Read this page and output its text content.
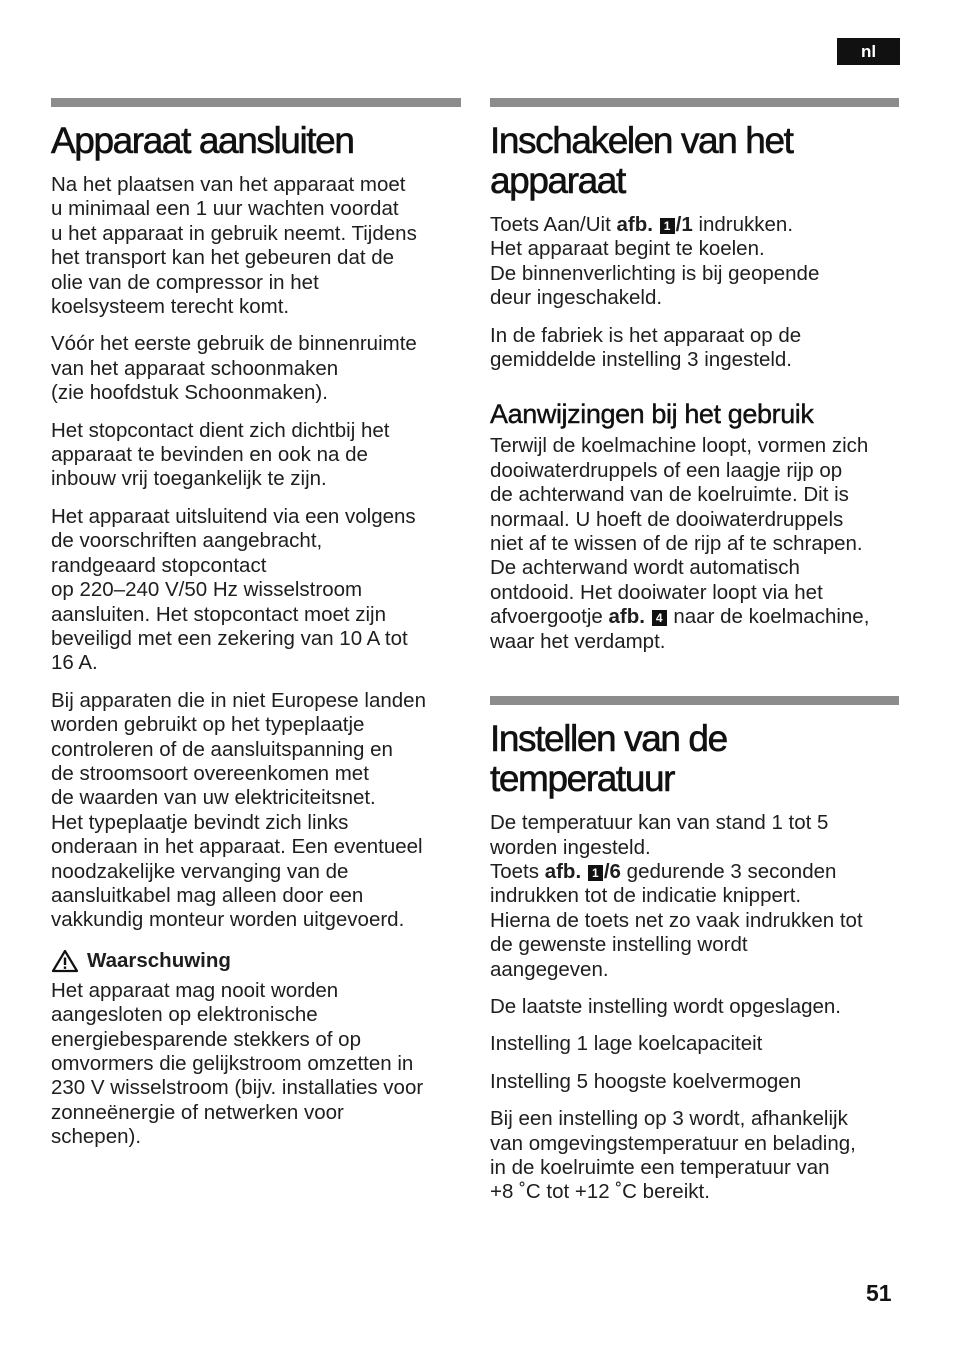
nl
Apparaat aansluiten

Na het plaatsen van het apparaat moet
u minimaal een 1 uur wachten voordat
u het apparaat in gebruik neemt. Tijdens
het transport kan het gebeuren dat de
olie van de compressor in het
koelsysteem terecht komt.

Vóór het eerste gebruik de binnenruimte
van het apparaat schoonmaken
(zie hoofdstuk Schoonmaken).

Het stopcontact dient zich dichtbij het
apparaat te bevinden en ook na de
inbouw vrij toegankelijk te zijn.

Het apparaat uitsluitend via een volgens
de voorschriften aangebracht,
randgeaard stopcontact
op 220–240 V/50 Hz wisselstroom
aansluiten. Het stopcontact moet zijn
beveiligd met een zekering van 10 A tot
16 A.

Bij apparaten die in niet Europese landen
worden gebruikt op het typeplaatje
controleren of de aansluitspanning en
de stroomsoort overeenkomen met
de waarden van uw elektriciteitsnet.
Het typeplaatje bevindt zich links
onderaan in het apparaat. Een eventueel
noodzakelijke vervanging van de
aansluitkabel mag alleen door een
vakkundig monteur worden uitgevoerd.

Waarschuwing

Het apparaat mag nooit worden
aangesloten op elektronische
energiebesparende stekkers of op
omvormers die gelijkstroom omzetten in
230 V wisselstroom (bijv. installaties voor
zonneënergie of netwerken voor
schepen).

Inschakelen van het apparaat

Toets Aan/Uit afb. 1 /1 indrukken.
Het apparaat begint te koelen.
De binnenverlichting is bij geopende
deur ingeschakeld.

In de fabriek is het apparaat op de
gemiddelde instelling 3 ingesteld.

Aanwijzingen bij het gebruik

Terwijl de koelmachine loopt, vormen zich
dooiwaterdruppels of een laagje rijp op
de achterwand van de koelruimte. Dit is
normaal. U hoeft de dooiwaterdruppels
niet af te wissen of de rijp af te schrapen.
De achterwand wordt automatisch
ontdooid. Het dooiwater loopt via het
afvoergootje afb. 4 naar de koelmachine,
waar het verdampt.

Instellen van de temperatuur

De temperatuur kan van stand 1 tot 5
worden ingesteld.
Toets afb. 1 /6 gedurende 3 seconden
indrukken tot de indicatie knippert.
Hierna de toets net zo vaak indrukken tot
de gewenste instelling wordt
aangegeven.

De laatste instelling wordt opgeslagen.

Instelling 1 lage koelcapaciteit

Instelling 5 hoogste koelvermogen

Bij een instelling op 3 wordt, afhankelijk
van omgevingstemperatuur en belading,
in de koelruimte een temperatuur van
+8 ˚C tot +12 ˚C bereikt.

51
